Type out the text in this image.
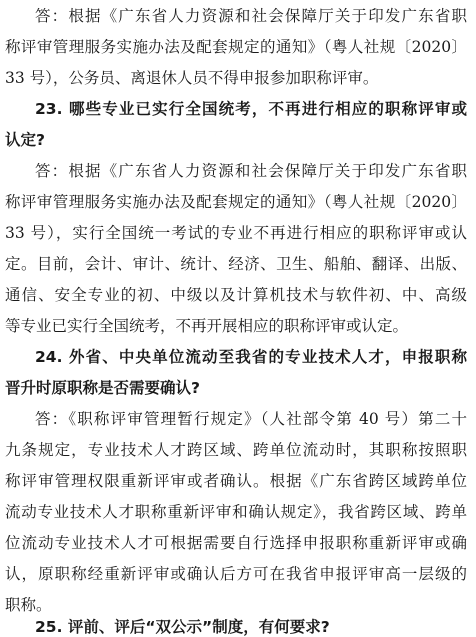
答：根据《广东省人力资源和社会保障厅关于印发广东省职
称评审管理服务实施办法及配套规定的通知》（粤人社规〔2020〕
33 号），公务员、离退休人员不得申报参加职称评审。
23. 哪些专业已实行全国统考，不再进行相应的职称评审或
认定?
答：根据《广东省人力资源和社会保障厅关于印发广东省职
称评审管理服务实施办法及配套规定的通知》（粤人社规〔2020〕
33 号），实行全国统一考试的专业不再进行相应的职称评审或认
定。目前，会计、审计、统计、经济、卫生、船舶、翻译、出版、
通信、安全专业的初、中级以及计算机技术与软件初、中、高级
等专业已实行全国统考，不再开展相应的职称评审或认定。
24. 外省、中央单位流动至我省的专业技术人才，申报职称
晋升时原职称是否需要确认?
答：《职称评审管理暂行规定》（人社部令第 40 号）第二十
九条规定，专业技术人才跨区域、跨单位流动时，其职称按照职
称评审管理权限重新评审或者确认。根据《广东省跨区域跨单位
流动专业技术人才职称重新评审和确认规定》，我省跨区域、跨单
位流动专业技术人才可根据需要自行选择申报职称重新评审或确
认，原职称经重新评审或确认后方可在我省申报评审高一层级的
职称。
25. 评前、评后“双公示”制度，有何要求?
